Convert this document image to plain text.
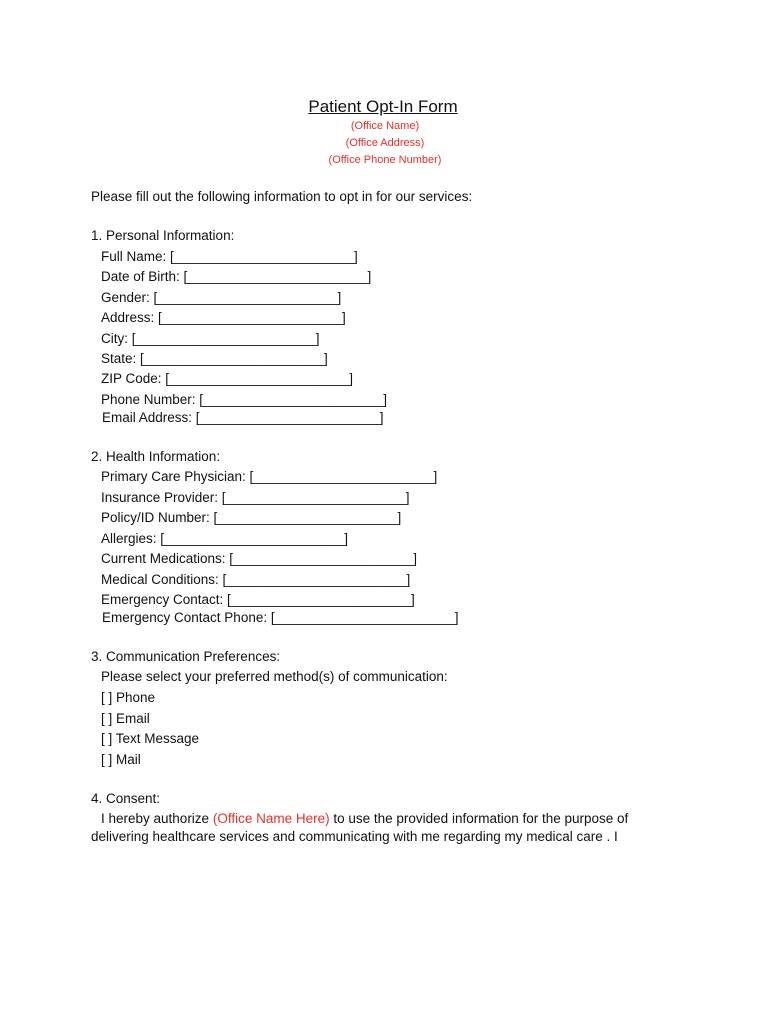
Patient Opt-In Form
(Office Name)
(Office Address)
(Office Phone Number)
Please fill out the following information to opt in for our services:
1. Personal Information:
Full Name: [________________________]
Date of Birth: [________________________]
Gender: [________________________]
Address: [________________________]
City: [________________________]
State: [________________________]
ZIP Code: [________________________]
Phone Number: [________________________]
Email Address: [________________________]
2. Health Information:
Primary Care Physician: [________________________]
Insurance Provider: [________________________]
Policy/ID Number: [________________________]
Allergies: [________________________]
Current Medications: [________________________]
Medical Conditions: [________________________]
Emergency Contact: [________________________]
Emergency Contact Phone: [________________________]
3. Communication Preferences:
Please select your preferred method(s) of communication:
[ ] Phone
[ ] Email
[ ] Text Message
[ ] Mail
4. Consent:
I hereby authorize (Office Name Here) to use the provided information for the purpose of
delivering healthcare services and communicating with me regarding my medical care . I
